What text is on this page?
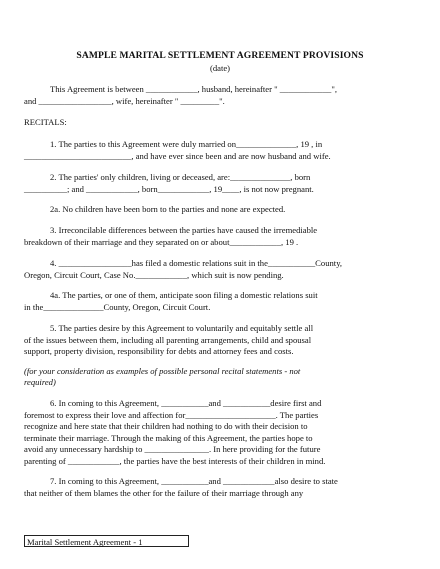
SAMPLE MARITAL SETTLEMENT AGREEMENT PROVISIONS
(date)
This Agreement is between ____________, husband, hereinafter " ____________",
and _________________, wife, hereinafter " _________".
RECITALS:
1. The parties to this Agreement were duly married on______________, 19 , in
_________________________, and have ever since been and are now husband and wife.
2. The parties' only children, living or deceased, are:______________, born
__________; and ____________, born____________, 19____, is not now pregnant.
2a. No children have been born to the parties and none are expected.
3. Irreconcilable differences between the parties have caused the irremediable
breakdown of their marriage and they separated on or about____________, 19 .
4. _________________has filed a domestic relations suit in the___________County,
Oregon, Circuit Court, Case No.____________, which suit is now pending.
4a. The parties, or one of them, anticipate soon filing a domestic relations suit
in the______________County, Oregon, Circuit Court.
5. The parties desire by this Agreement to voluntarily and equitably settle all
of the issues between them, including all parenting arrangements, child and spousal
support, property division, responsibility for debts and attorney fees and costs.
(for your consideration as examples of possible personal recital statements - not
required)
6. In coming to this Agreement, ___________and ___________desire first and
foremost to express their love and affection for_____________________. The parties
recognize and here state that their children had nothing to do with their decision to
terminate their marriage. Through the making of this Agreement, the parties hope to
avoid any unnecessary hardship to _______________. In here providing for the future
parenting of ____________, the parties have the best interests of their children in mind.
7. In coming to this Agreement, ___________and ____________also desire to state
that neither of them blames the other for the failure of their marriage through any
Marital Settlement Agreement - 1
